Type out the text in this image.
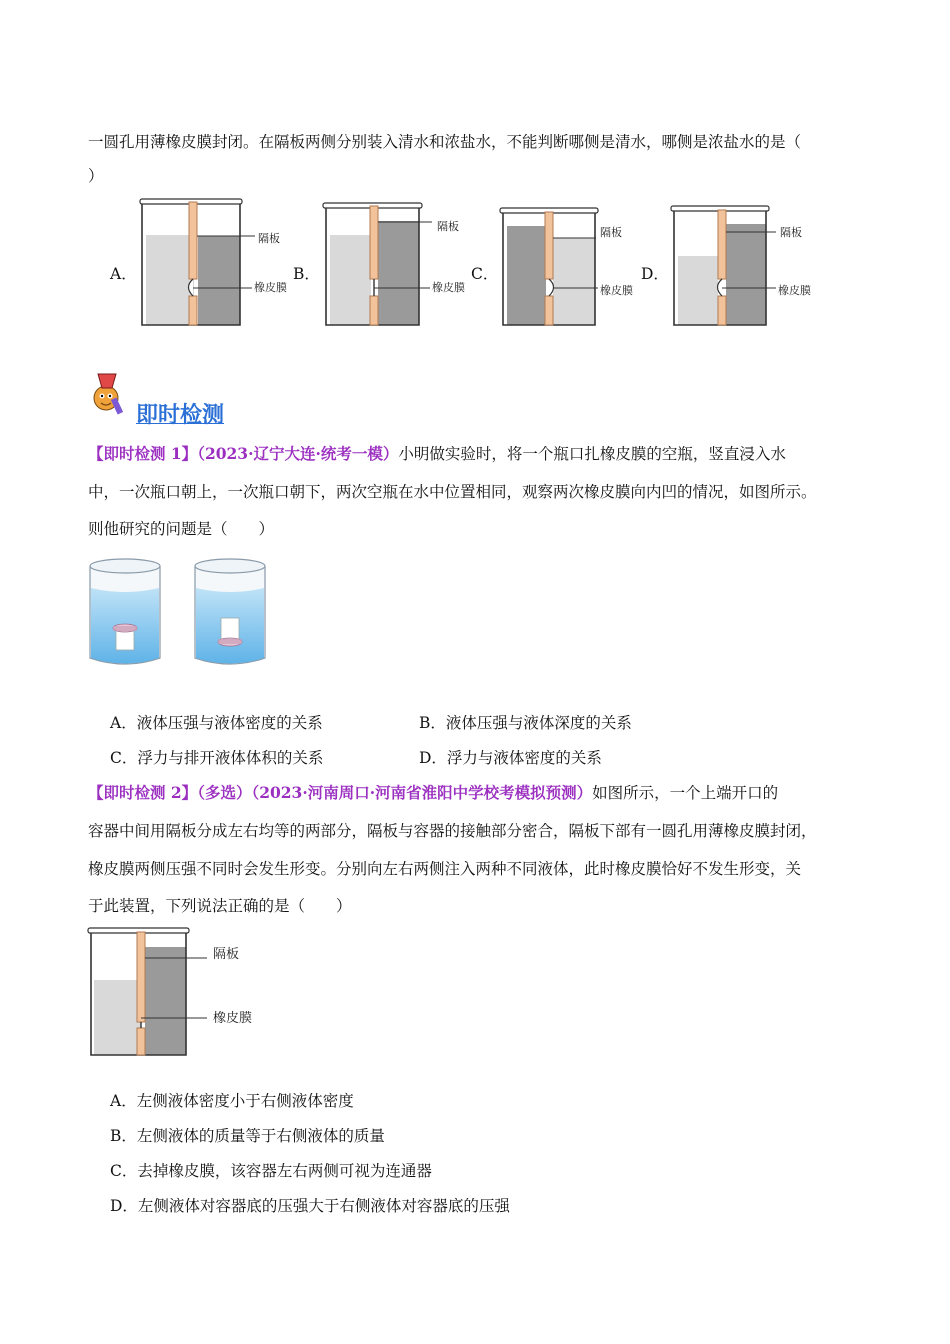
一圆孔用薄橡皮膜封闭。在隔板两侧分别装入清水和浓盐水，不能判断哪侧是清水，哪侧是浓盐水的是（
）
A．	B．	C．	D．
隔板
橡皮膜
隔板
橡皮膜
隔板
橡皮膜
隔板
橡皮膜
即时检测
【即时检测 1】（2023·辽宁大连·统考一模）小明做实验时，将一个瓶口扎橡皮膜的空瓶，竖直浸入水
中，一次瓶口朝上，一次瓶口朝下，两次空瓶在水中位置相同，观察两次橡皮膜向内凹的情况，如图所示。
则他研究的问题是（　　）
A．液体压强与液体密度的关系	B．液体压强与液体深度的关系
C．浮力与排开液体体积的关系	D．浮力与液体密度的关系
【即时检测 2】（多选）（2023·河南周口·河南省淮阳中学校考模拟预测）如图所示，一个上端开口的
容器中间用隔板分成左右均等的两部分，隔板与容器的接触部分密合，隔板下部有一圆孔用薄橡皮膜封闭，
橡皮膜两侧压强不同时会发生形变。分别向左右两侧注入两种不同液体，此时橡皮膜恰好不发生形变，关
于此装置，下列说法正确的是（　　）
隔板
橡皮膜
A．左侧液体密度小于右侧液体密度
B．左侧液体的质量等于右侧液体的质量
C．去掉橡皮膜，该容器左右两侧可视为连通器
D．左侧液体对容器底的压强大于右侧液体对容器底的压强
